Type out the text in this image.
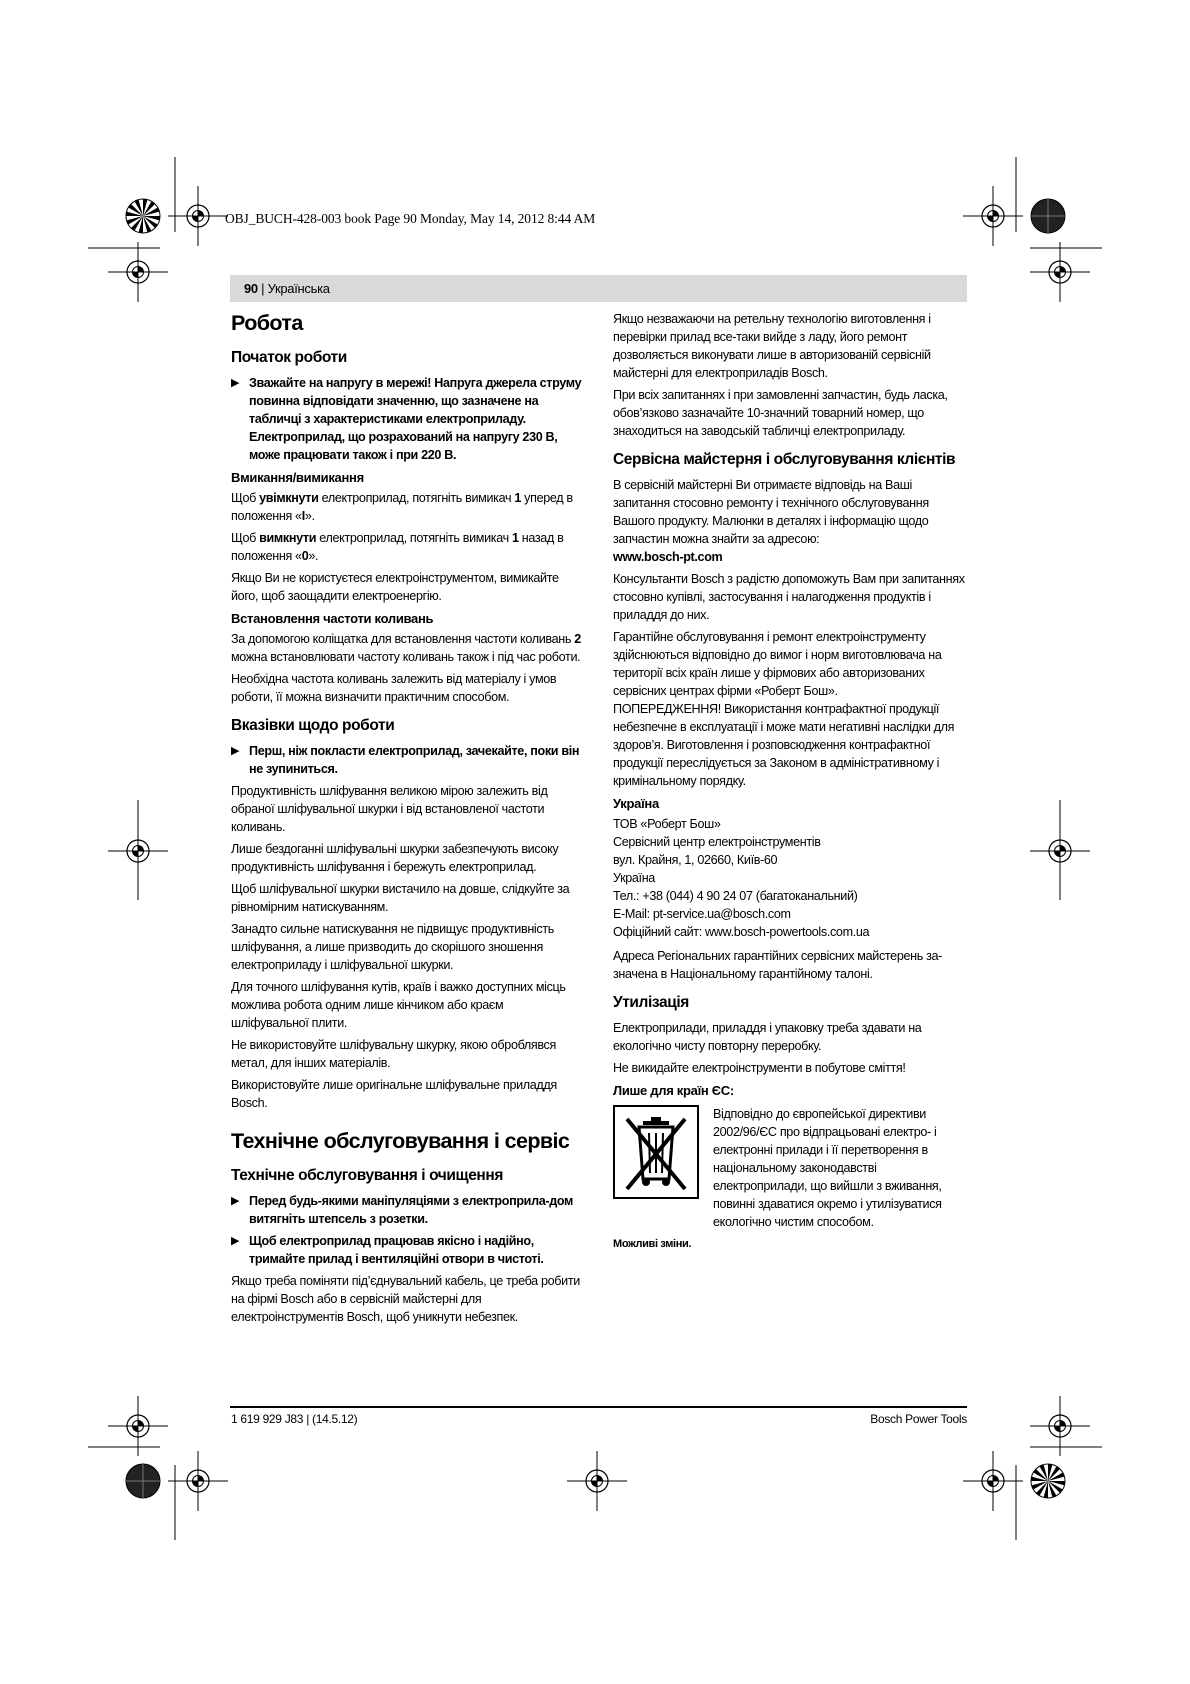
OBJ_BUCH-428-003 book Page 90 Monday, May 14, 2012 8:44 AM
90 | Українська
Робота
Початок роботи

▶ Зважайте на напругу в мережі! Напруга джерела струму повинна відповідати значенню, що зазначене на табличці з характеристиками електроприладу. Електроприлад, що розрахований на напругу 230 В, може працювати також і при 220 В.

Вмикання/вимикання

Щоб увімкнути електроприлад, потягніть вимикач 1 уперед в положення «I».

Щоб вимкнути електроприлад, потягніть вимикач 1 назад в положення «0».

Якщо Ви не користуєтеся електроінструментом, вимикайте його, щоб заощадити електроенергію.

Встановлення частоти коливань

За допомогою коліщатка для встановлення частоти коливань 2 можна встановлювати частоту коливань також і під час роботи.

Необхідна частота коливань залежить від матеріалу і умов роботи, її можна визначити практичним способом.

Вказівки щодо роботи

▶ Перш, ніж покласти електроприлад, зачекайте, поки він не зупиниться.

Продуктивність шліфування великою мірою залежить від обраної шліфувальної шкурки і від встановленої частоти коливань.

Лише бездоганні шліфувальні шкурки забезпечують високу продуктивність шліфування і бережуть електроприлад.

Щоб шліфувальної шкурки вистачило на довше, слідкуйте за рівномірним натискуванням.

Занадто сильне натискування не підвищує продуктивність шліфування, а лише призводить до скорішого зношення електроприладу і шліфувальної шкурки.

Для точного шліфування кутів, країв і важко доступних місць можлива робота одним лише кінчиком або краєм шліфувальної плити.

Не використовуйте шліфувальну шкурку, якою оброблявся метал, для інших матеріалів.

Використовуйте лише оригінальне шліфувальне приладдя Bosch.

Технічне обслуговування і сервіс
Технічне обслуговування і очищення

▶ Перед будь-якими маніпуляціями з електроприла-дом витягніть штепсель з розетки.

▶ Щоб електроприлад працював якісно і надійно, тримайте прилад і вентиляційні отвори в чистоті.

Якщо треба поміняти під’єднувальний кабель, це треба робити на фірмі Bosch або в сервісній майстерні для електроінструментів Bosch, щоб уникнути небезпек.

Якщо незважаючи на ретельну технологію виготовлення і перевірки прилад все-таки вийде з ладу, його ремонт дозволяється виконувати лише в авторизованій сервісній майстерні для електроприладів Bosch.

При всіх запитаннях і при замовленні запчастин, будь ласка, обов’язково зазначайте 10-значний товарний номер, що знаходиться на заводській табличці електроприладу.

Сервісна майстерня і обслуговування клієнтів

В сервісній майстерні Ви отримаєте відповідь на Ваші запитання стосовно ремонту і технічного обслуговування Вашого продукту. Малюнки в деталях і інформацію щодо запчастин можна знайти за адресою:

www.bosch-pt.com

Консультанти Bosch з радістю допоможуть Вам при запитаннях стосовно купівлі, застосування і налагодження продуктів і приладдя до них.

Гарантійне обслуговування і ремонт електроінструменту здійснюються відповідно до вимог і норм виготовлювача на території всіх країн лише у фірмових або авторизованих сервісних центрах фірми «Роберт Бош».

ПОПЕРЕДЖЕННЯ! Використання контрафактної продукції небезпечне в експлуатації і може мати негативні наслідки для здоров’я. Виготовлення і розповсюдження контрафактної продукції переслідується за Законом в адміністративному і кримінальному порядку.

Україна

ТОВ «Роберт Бош»

Сервісний центр електроінструментів

вул. Крайня, 1, 02660, Київ-60

Україна

Тел.: +38 (044) 4 90 24 07 (багатоканальний)

E-Mail: pt-service.ua@bosch.com

Офіційний сайт: www.bosch-powertools.com.ua

Адреса Регіональних гарантійних сервісних майстерень за-значена в Національному гарантійному талоні.

Утилізація

Електроприлади, приладдя і упаковку треба здавати на екологічно чисту повторну переробку.

Не викидайте електроінструменти в побутове сміття!

Лише для країн ЄС:

Відповідно до європейської директиви 2002/96/ЄС про відпрацьовані електро- і електронні прилади і її перетворення в національному законодавстві електроприлади, що вийшли з вживання, повинні здаватися окремо і утилізуватися екологічно чистим способом.

Можливі зміни.

1 619 929 J83 | (14.5.12)	Bosch Power Tools
